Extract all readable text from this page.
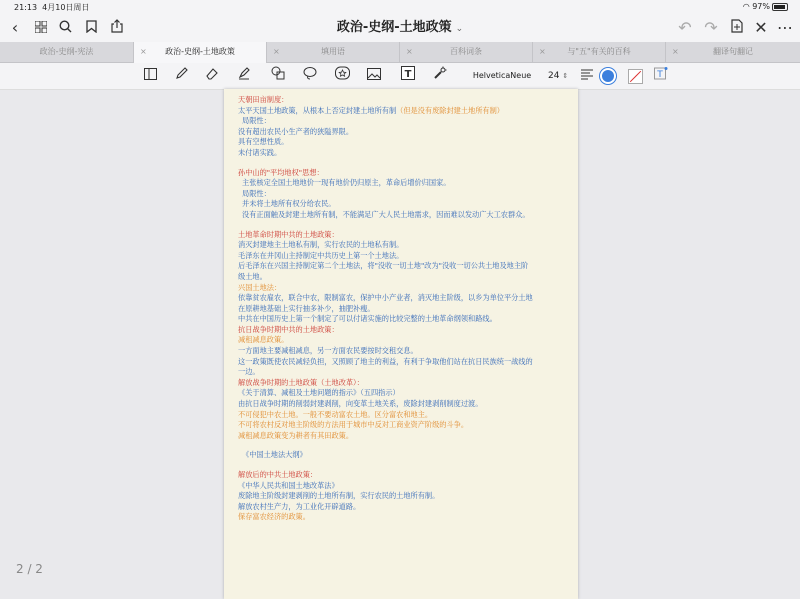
21:13 4月10日周日	◠ 97%
‹	↶ ↷ ✕ ⋯
政治-史纲-土地政策 ⌄
政治-史纲-宪法	×	政治-史纲-土地政策	×	填用语	×	百科词条	×	与"五"有关的百科	×	翻译句翻记
T	HelveticaNeue	24 ⇕	T
天朝田亩制度：
太平天国土地政策，从根本上否定封建土地所有制（但是没有废除封建土地所有制）
局限性：
没有超出农民小生产者的狭隘界限。
具有空想性质。
未付诸实践。
孙中山的"平均地权"思想：
主张核定全国土地地价一现有地价仍归原主，革命后增价归国家。
局限性：
并未将土地所有权分给农民。
没有正面触及封建土地所有制，不能满足广大人民土地需求，因而难以发动广大工农群众。
土地革命时期中共的土地政策：
消灭封建地主土地私有制，实行农民的土地私有制。
毛泽东在井冈山主持制定中共历史上第一个土地法。
后毛泽东在兴国主持制定第二个土地法，将"没收一切土地"改为"没收一切公共土地及地主阶
级土地。
兴国土地法：
依靠贫农雇农，联合中农，限制富农，保护中小产业者，消灭地主阶级，以乡为单位平分土地
在原耕地基础上实行抽多补少，抽肥补瘦。
中共在中国历史上第一个制定了可以付诸实施的比较完整的土地革命纲领和路线。
抗日战争时期中共的土地政策：
减租减息政策。
一方面地主要减租减息，另一方面农民要按时交租交息。
这一政策既使农民减轻负担，又照顾了地主的利益，有利于争取他们站在抗日民族统一战线的
一边。
解放战争时期的土地政策（土地改革）：
《关于清算、减租及土地问题的指示》（五四指示）
由抗日战争时期的削弱封建剥削，向变革土地关系，废除封建剥削制度过渡。
不可侵犯中农土地。一般不要动富农土地。区分富农和地主。
不可将农村反对地主阶级的方法用于城市中反对工商业资产阶级的斗争。
减租减息政策变为耕者有其田政策。
《中国土地法大纲》
解放后的中共土地政策：
《中华人民共和国土地改革法》
废除地主阶级封建剥削的土地所有制，实行农民的土地所有制。
解放农村生产力，为工业化开辟道路。
保存富农经济的政策。
2 / 2
